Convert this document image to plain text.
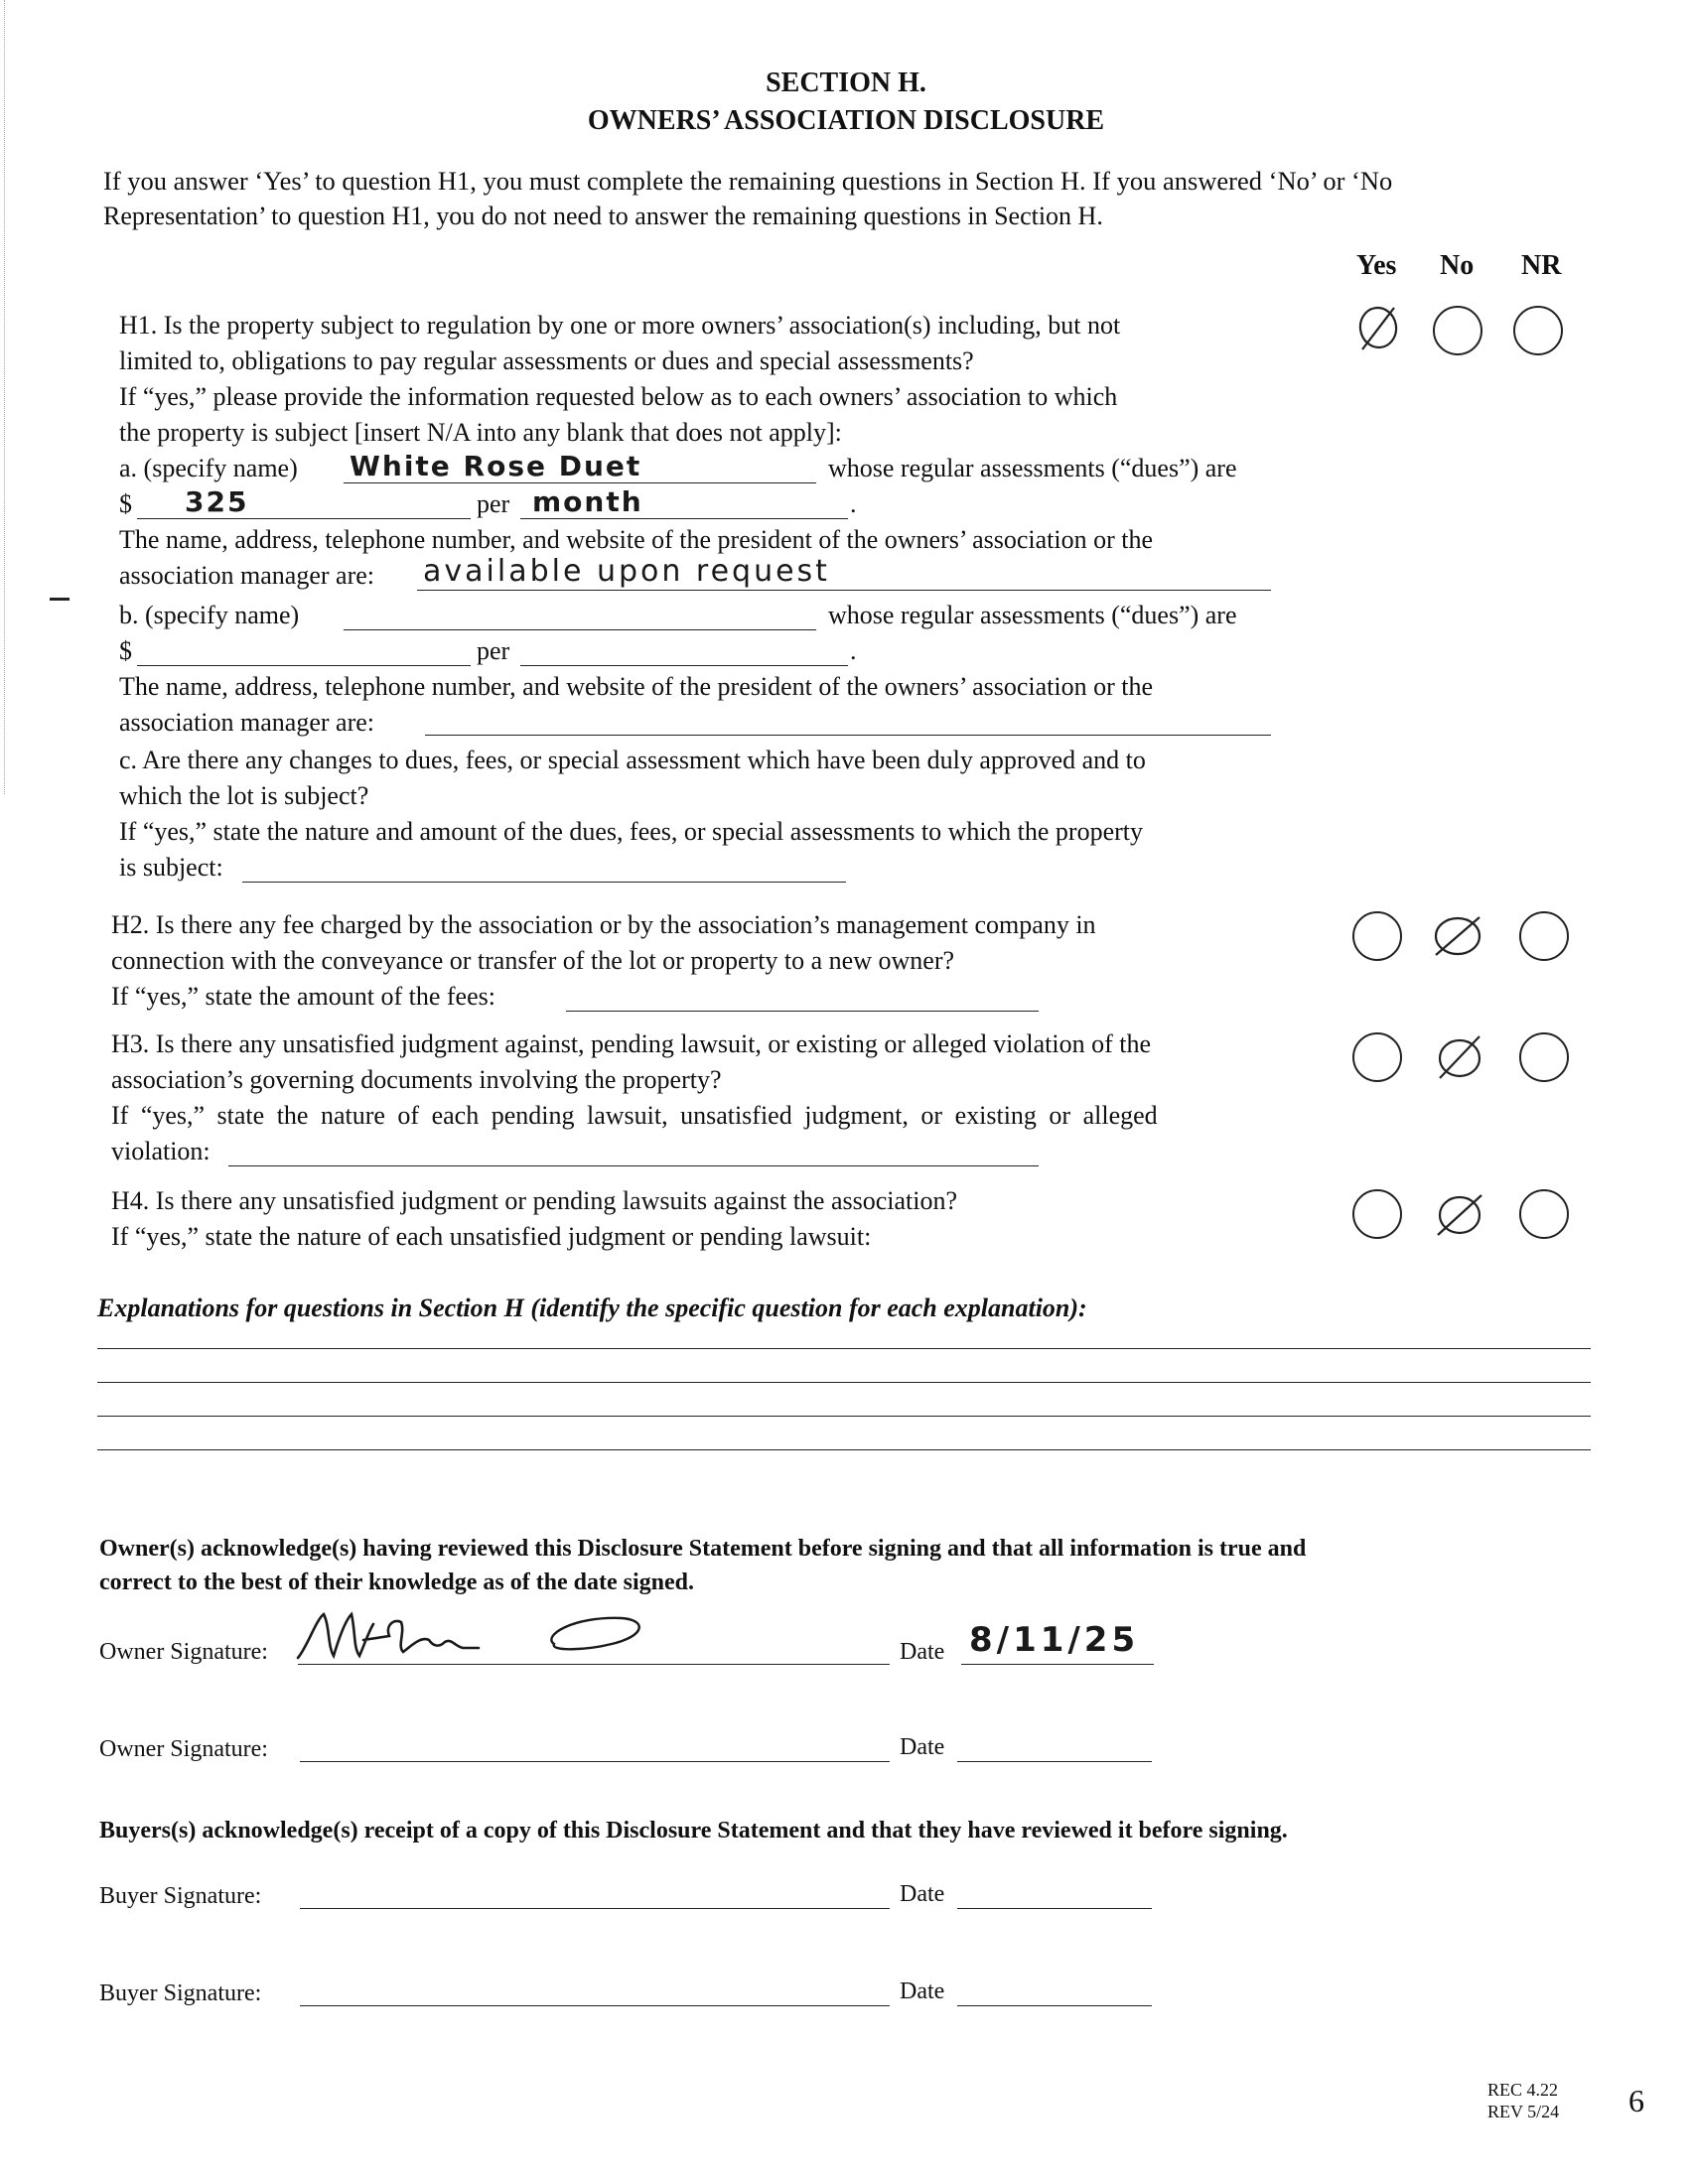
SECTION H.
OWNERS’ ASSOCIATION DISCLOSURE
If you answer ‘Yes’ to question H1, you must complete the remaining questions in Section H. If you answered ‘No’ or ‘No
Representation’ to question H1, you do not need to answer the remaining questions in Section H.
Yes No NR
H1. Is the property subject to regulation by one or more owners’ association(s) including, but not
limited to, obligations to pay regular assessments or dues and special assessments?
If “yes,” please provide the information requested below as to each owners’ association to which
the property is subject [insert N/A into any blank that does not apply]:
a. (specify name) White Rose Duet	whose regular assessments (“dues”) are
$ 325	per month	.
The name, address, telephone number, and website of the president of the owners’ association or the
association manager are: available upon request
b. (specify name)	whose regular assessments (“dues”) are
$	per	.
The name, address, telephone number, and website of the president of the owners’ association or the
association manager are:
c. Are there any changes to dues, fees, or special assessment which have been duly approved and to
which the lot is subject?
If “yes,” state the nature and amount of the dues, fees, or special assessments to which the property
is subject:
H2. Is there any fee charged by the association or by the association’s management company in
connection with the conveyance or transfer of the lot or property to a new owner?
If “yes,” state the amount of the fees:
H3. Is there any unsatisfied judgment against, pending lawsuit, or existing or alleged violation of the
association’s governing documents involving the property?
If “yes,” state the nature of each pending lawsuit, unsatisfied judgment, or existing or alleged
violation:
H4. Is there any unsatisfied judgment or pending lawsuits against the association?
If “yes,” state the nature of each unsatisfied judgment or pending lawsuit:
Explanations for questions in Section H (identify the specific question for each explanation):
Owner(s) acknowledge(s) having reviewed this Disclosure Statement before signing and that all information is true and
correct to the best of their knowledge as of the date signed.
Owner Signature:	Date 8/11/25
Owner Signature:	Date
Buyers(s) acknowledge(s) receipt of a copy of this Disclosure Statement and that they have reviewed it before signing.
Buyer Signature:	Date
Buyer Signature:	Date
REC 4.22
REV 5/24 6
